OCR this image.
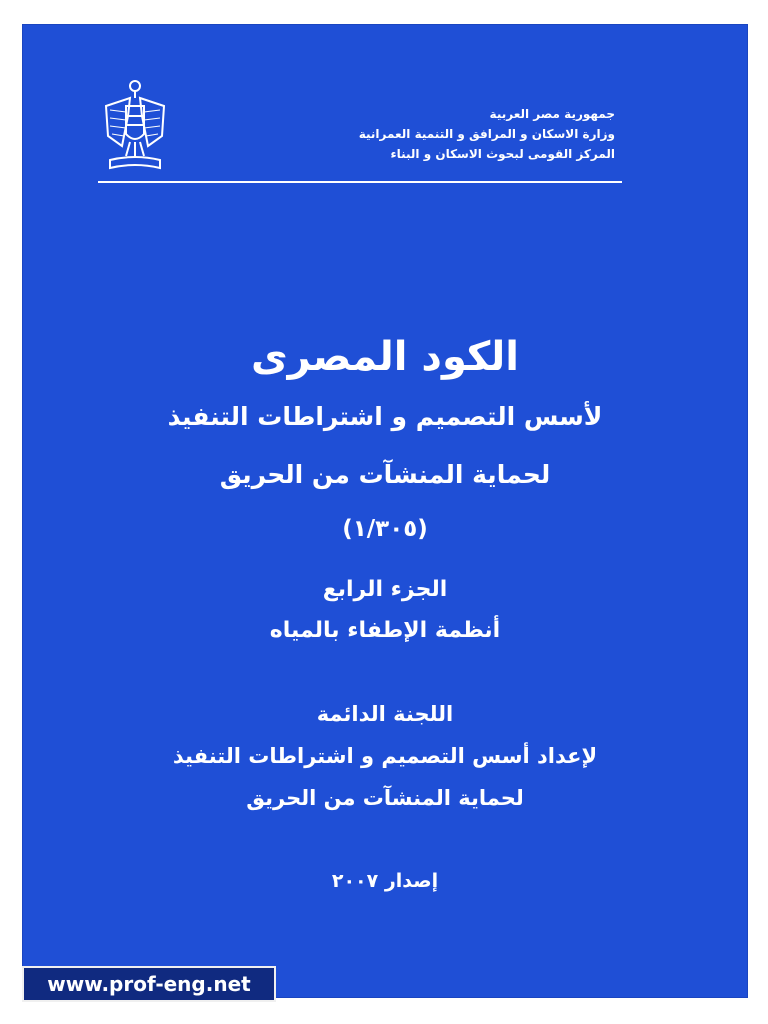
جمهورية مصر العربية
وزارة الاسكان و المرافق و التنمية العمرانية
المركز القومى لبحوث الاسكان و البناء
الكود المصرى
لأسس التصميم و اشتراطات التنفيذ
لحماية المنشآت من الحريق
(١/٣٠٥)
الجزء الرابع
أنظمة الإطفاء بالمياه
اللجنة الدائمة
لإعداد أسس التصميم و اشتراطات التنفيذ
لحماية المنشآت من الحريق
إصدار ٢٠٠٧
www.prof-eng.net
